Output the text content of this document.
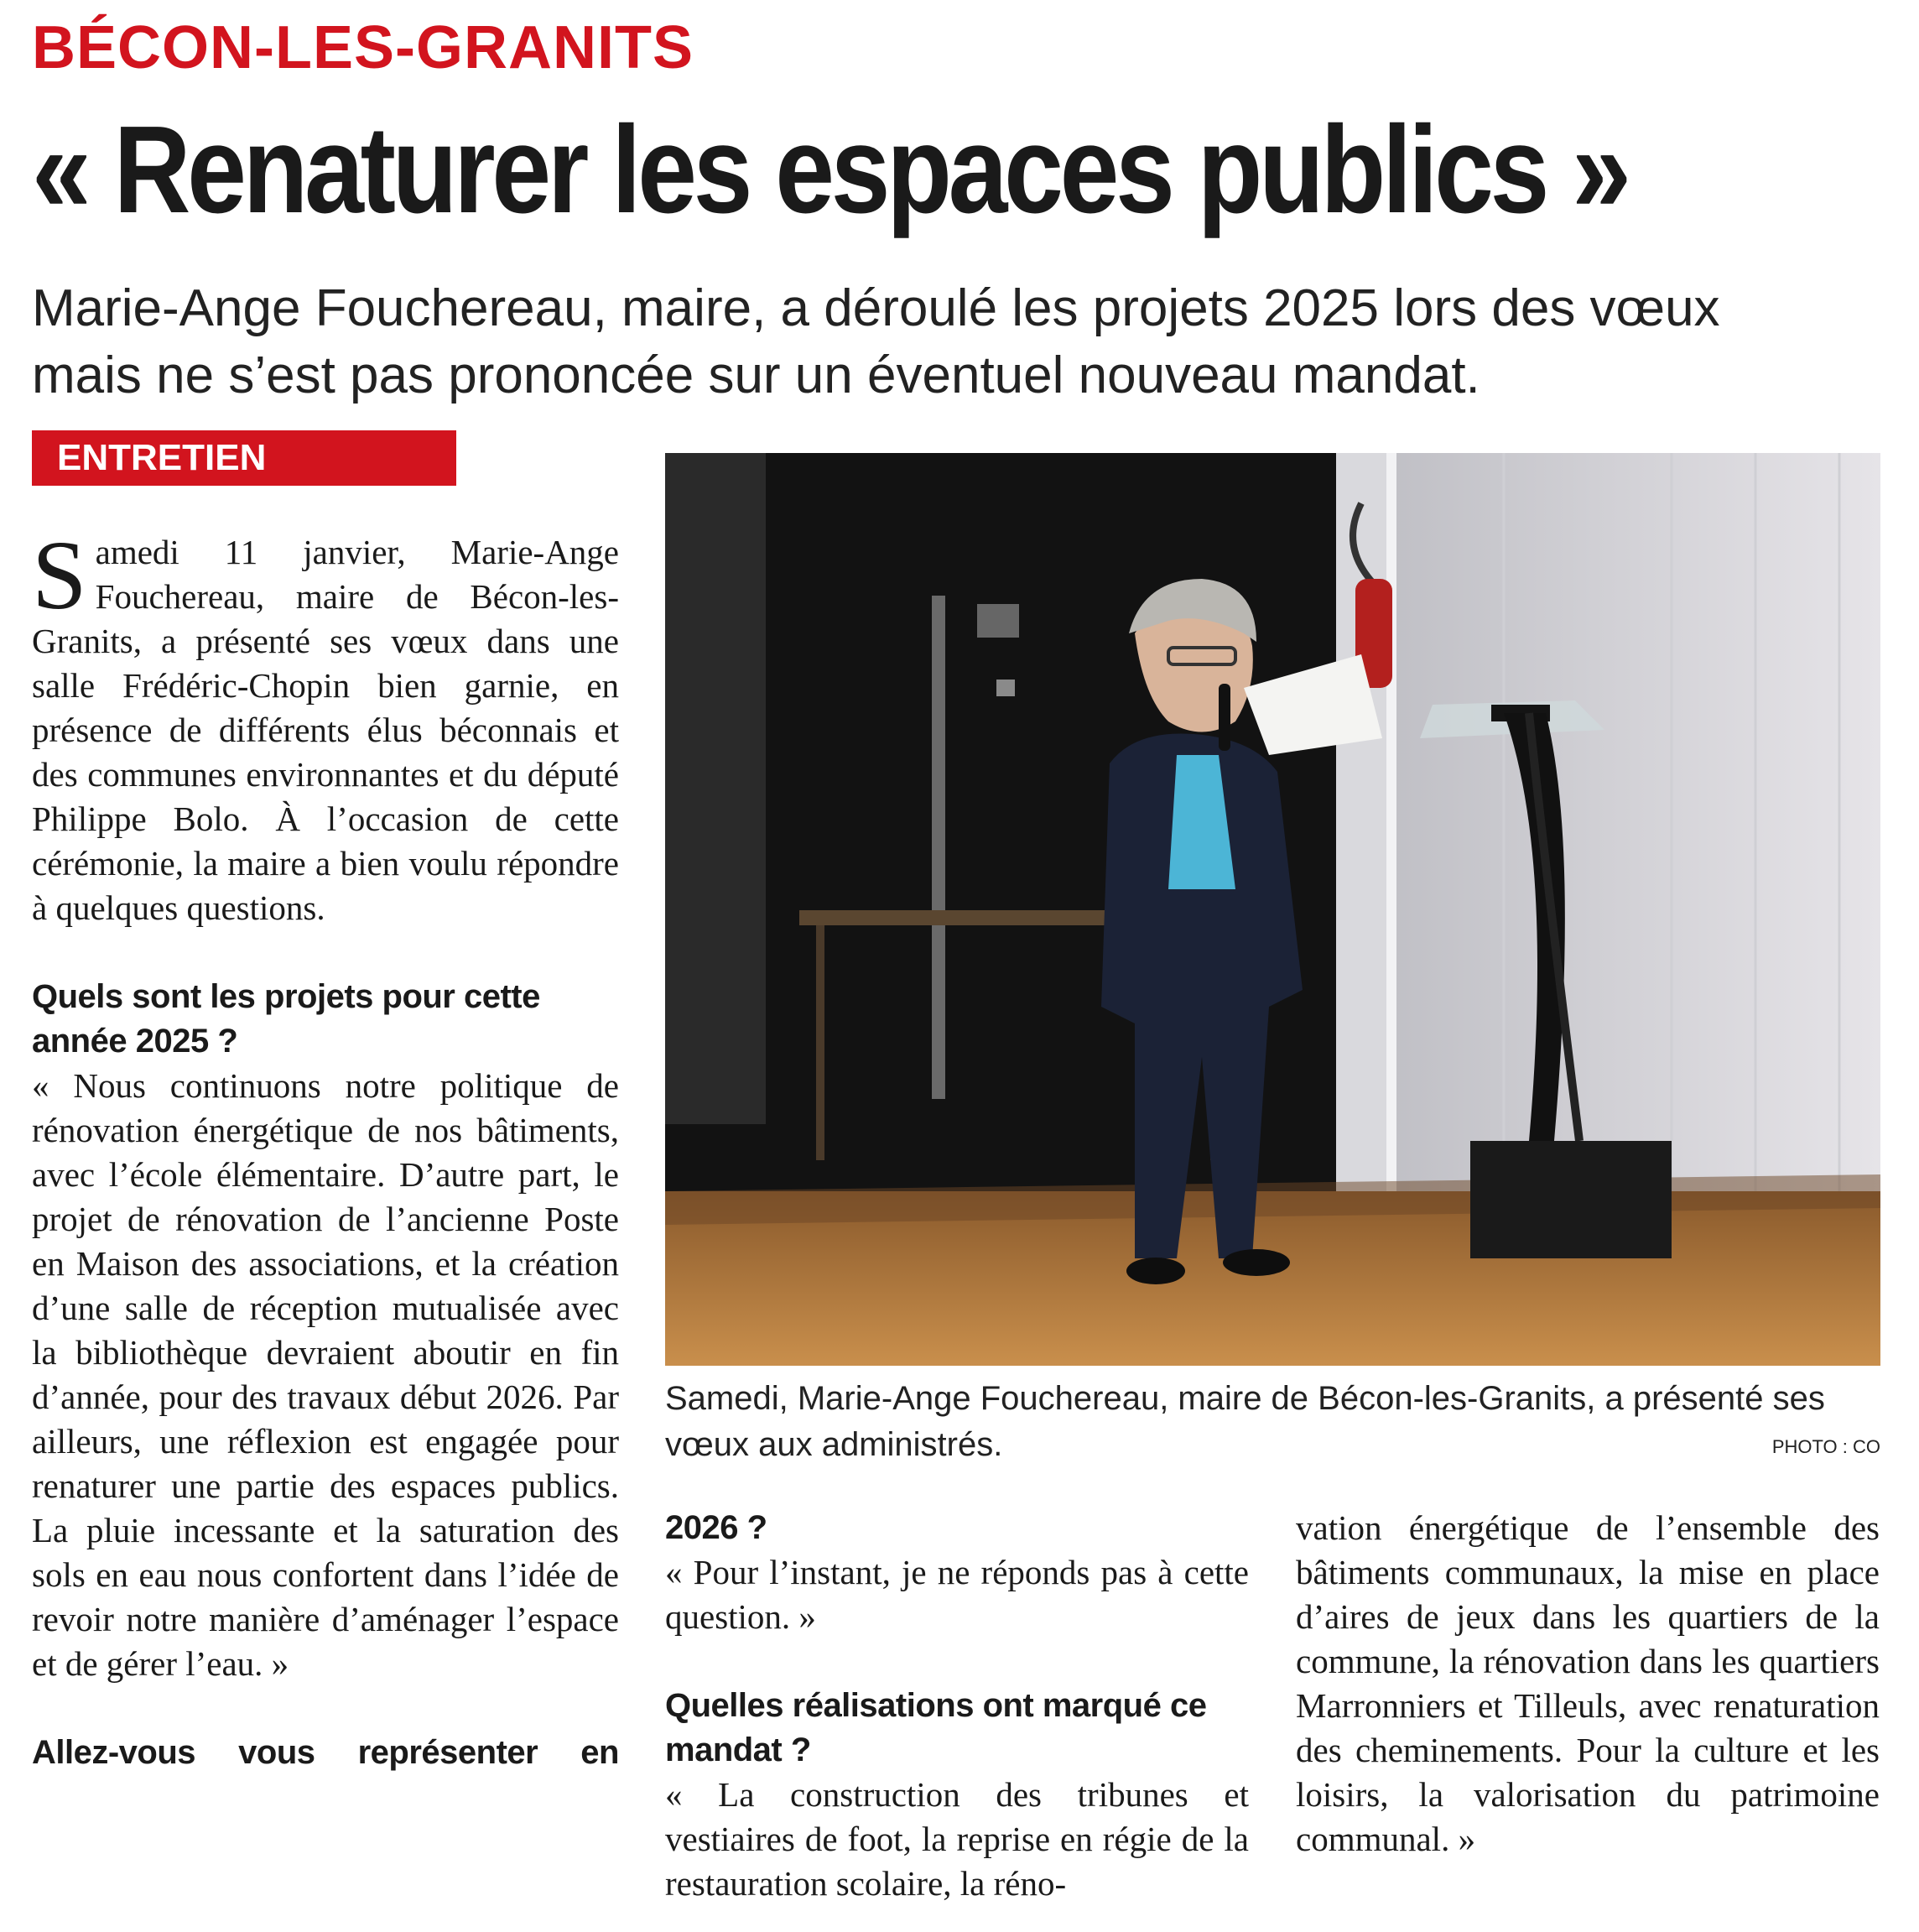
BÉCON-LES-GRANITS
« Renaturer les espaces publics »
Marie-Ange Fouchereau, maire, a déroulé les projets 2025 lors des vœux
mais ne s’est pas prononcée sur un éventuel nouveau mandat.
ENTRETIEN

Samedi 11 janvier, Marie-Ange Fouchereau, maire de Bécon-les-Granits, a présenté ses vœux dans une salle Frédéric-Chopin bien garnie, en présence de différents élus béconnais et des communes environnantes et du député Philippe Bolo. À l’occasion de cette cérémonie, la maire a bien voulu répondre à quelques questions.

Quels sont les projets pour cette année 2025 ?

« Nous continuons notre politique de rénovation énergétique de nos bâtiments, avec l’école élémentaire. D’autre part, le projet de rénovation de l’ancienne Poste en Maison des associations, et la création d’une salle de réception mutualisée avec la bibliothèque devraient aboutir en fin d’année, pour des travaux début 2026. Par ailleurs, une réflexion est engagée pour renaturer une partie des espaces publics. La pluie incessante et la saturation des sols en eau nous confortent dans l’idée de revoir notre manière d’aménager l’espace et de gérer l’eau. »

Allez-vous vous représenter en

Samedi, Marie-Ange Fouchereau, maire de Bécon-les-Granits, a présenté ses vœux aux administrés.	PHOTO : CO

2026 ?

« Pour l’instant, je ne réponds pas à cette question. »

Quelles réalisations ont marqué ce mandat ?

« La construction des tribunes et vestiaires de foot, la reprise en régie de la restauration scolaire, la réno-

vation énergétique de l’ensemble des bâtiments communaux, la mise en place d’aires de jeux dans les quartiers de la commune, la rénovation dans les quartiers Marronniers et Tilleuls, avec renaturation des cheminements. Pour la culture et les loisirs, la valorisation du patrimoine communal. »
